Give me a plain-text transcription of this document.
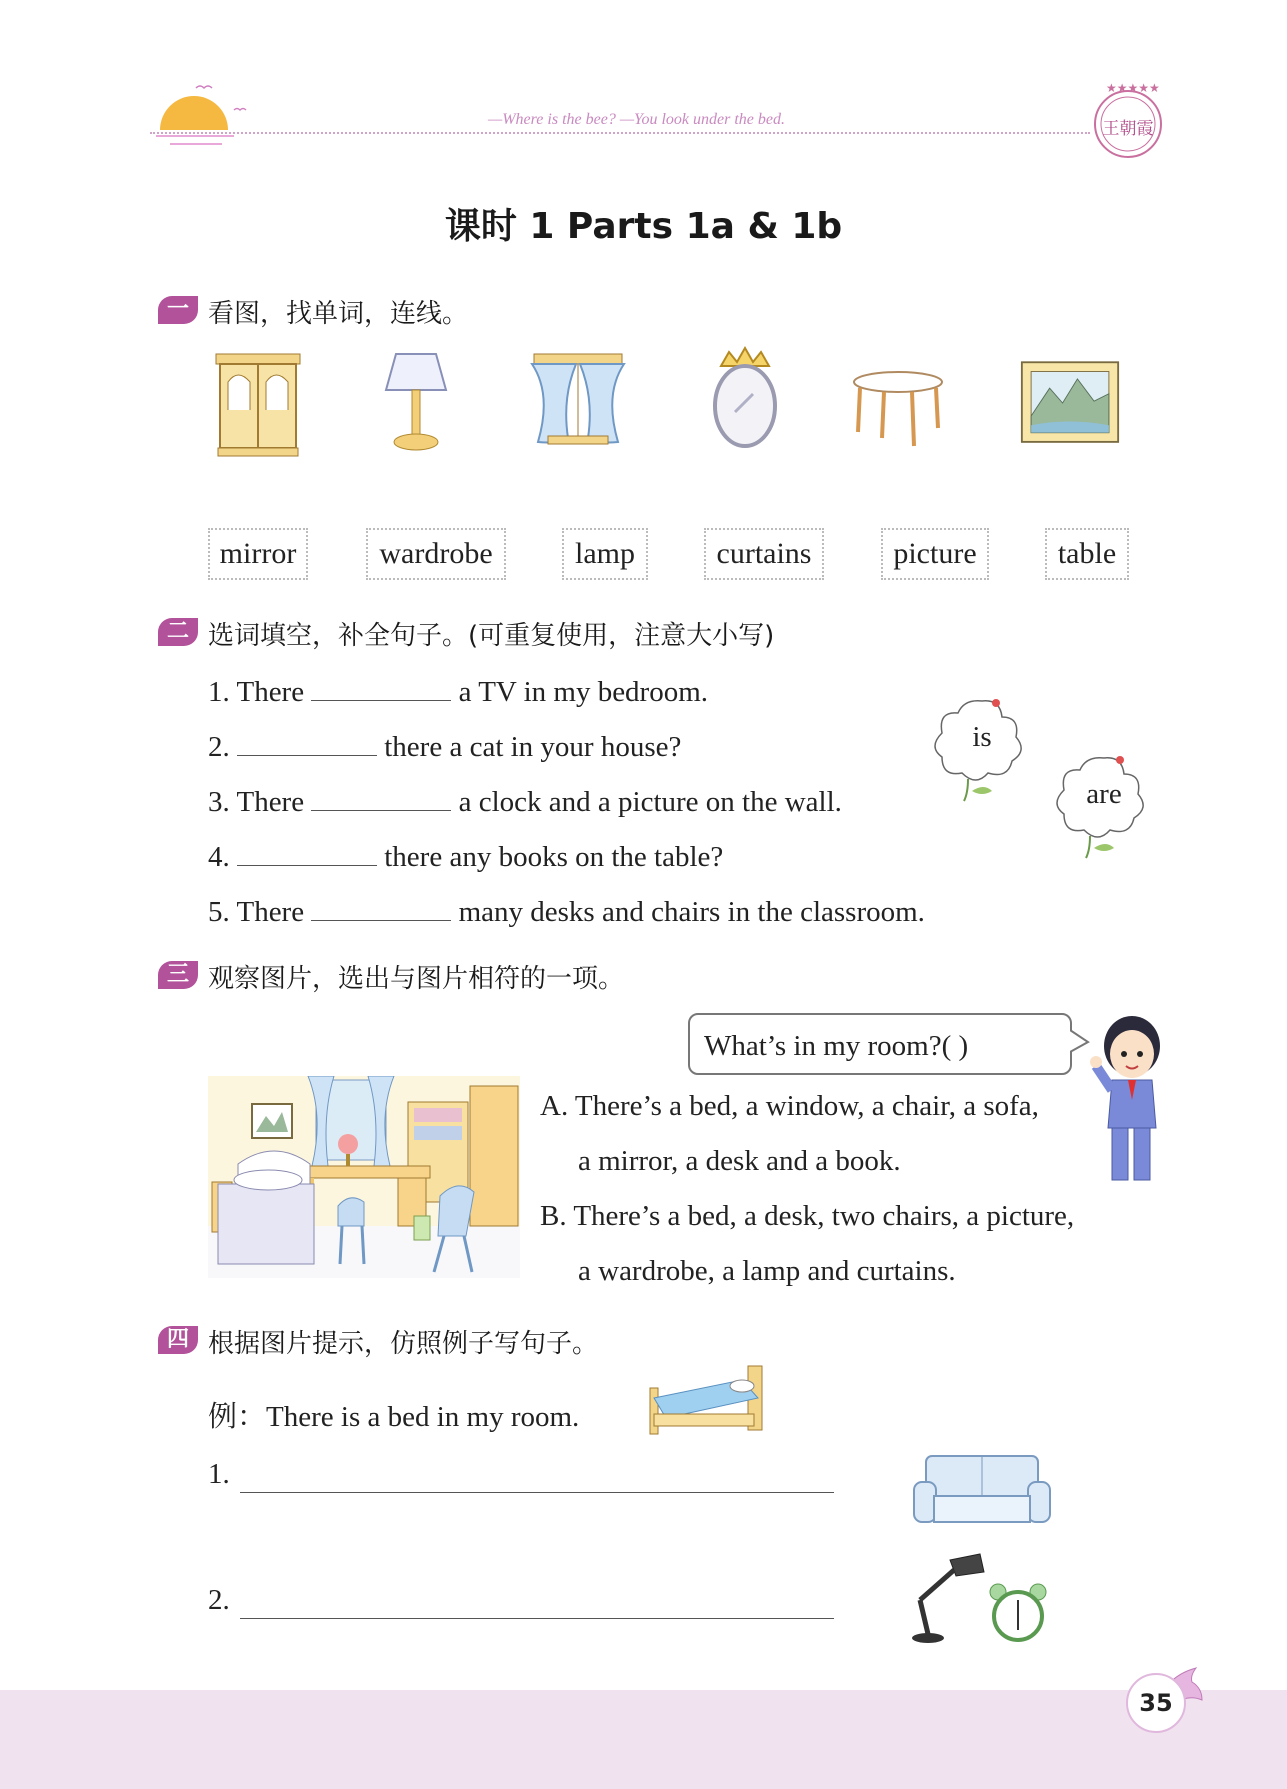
—Where is the bee? —You look under the bed.
★★★★★
王朝霞
课时 1 Parts 1a & 1b
一 看图，找单词，连线。
mirror	wardrobe	lamp	curtains	picture	table
二 选词填空，补全句子。(可重复使用，注意大小写)
1. There	a TV in my bedroom.
2.	there a cat in your house?
3. There	a clock and a picture on the wall.
4.	there any books on the table?
5. There	many desks and chairs in the classroom.
is
are
三 观察图片，选出与图片相符的一项。
What’s in my room?( )
A. There’s a bed, a window, a chair, a sofa,
a mirror, a desk and a book.
B. There’s a bed, a desk, two chairs, a picture,
a wardrobe, a lamp and curtains.
四 根据图片提示，仿照例子写句子。
例：There is a bed in my room.
1.
2.
35
